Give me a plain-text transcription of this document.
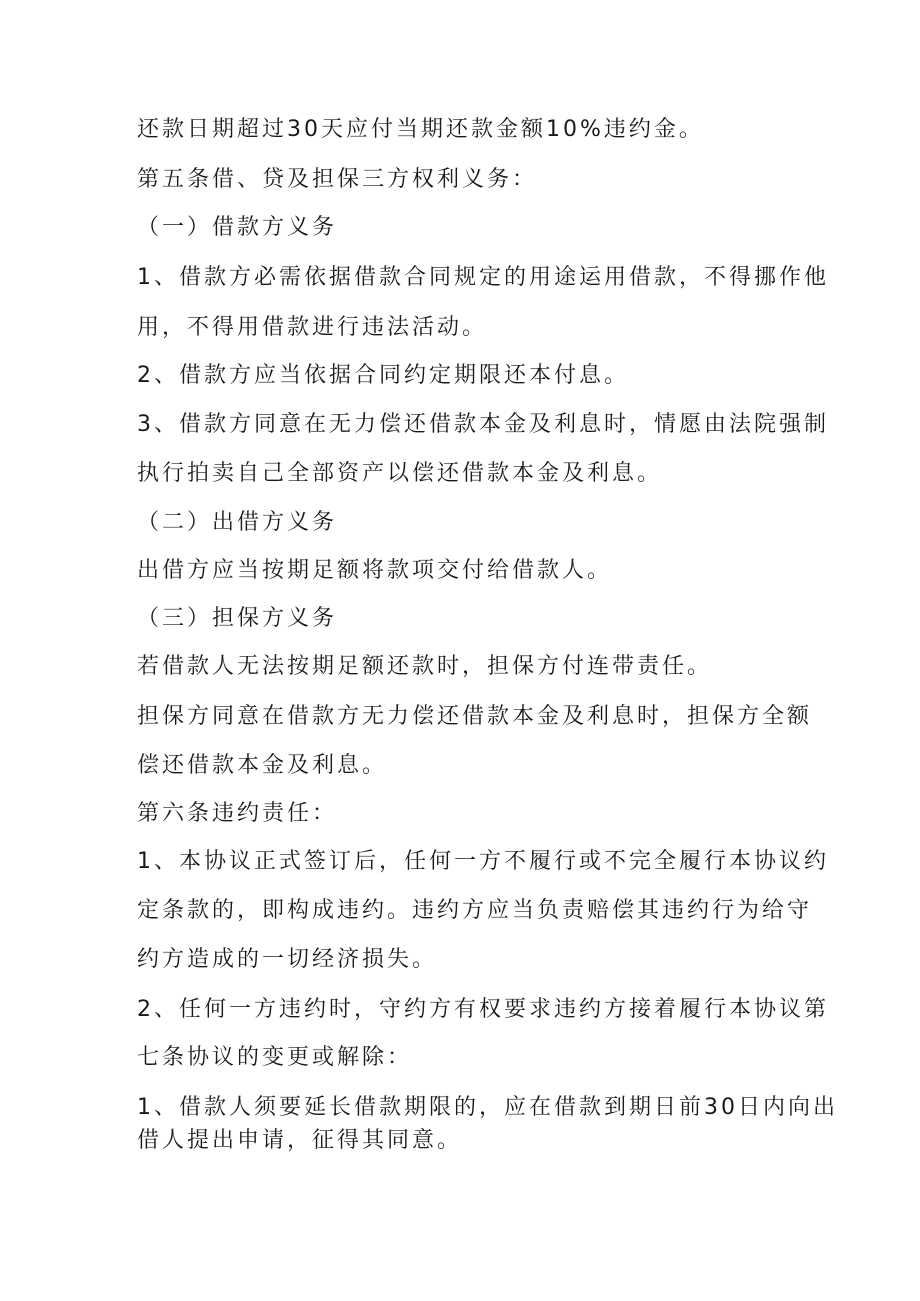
还款日期超过30天应付当期还款金额10%违约金。
第五条借、贷及担保三方权利义务：
（一）借款方义务
1、借款方必需依据借款合同规定的用途运用借款，不得挪作他
用，不得用借款进行违法活动。
2、借款方应当依据合同约定期限还本付息。
3、借款方同意在无力偿还借款本金及利息时，情愿由法院强制
执行拍卖自己全部资产以偿还借款本金及利息。
（二）出借方义务
出借方应当按期足额将款项交付给借款人。
（三）担保方义务
若借款人无法按期足额还款时，担保方付连带责任。
担保方同意在借款方无力偿还借款本金及利息时，担保方全额
偿还借款本金及利息。
第六条违约责任：
1、本协议正式签订后，任何一方不履行或不完全履行本协议约
定条款的，即构成违约。违约方应当负责赔偿其违约行为给守
约方造成的一切经济损失。
2、任何一方违约时，守约方有权要求违约方接着履行本协议第
七条协议的变更或解除：
1、借款人须要延长借款期限的，应在借款到期日前30日内向出
借人提出申请，征得其同意。
